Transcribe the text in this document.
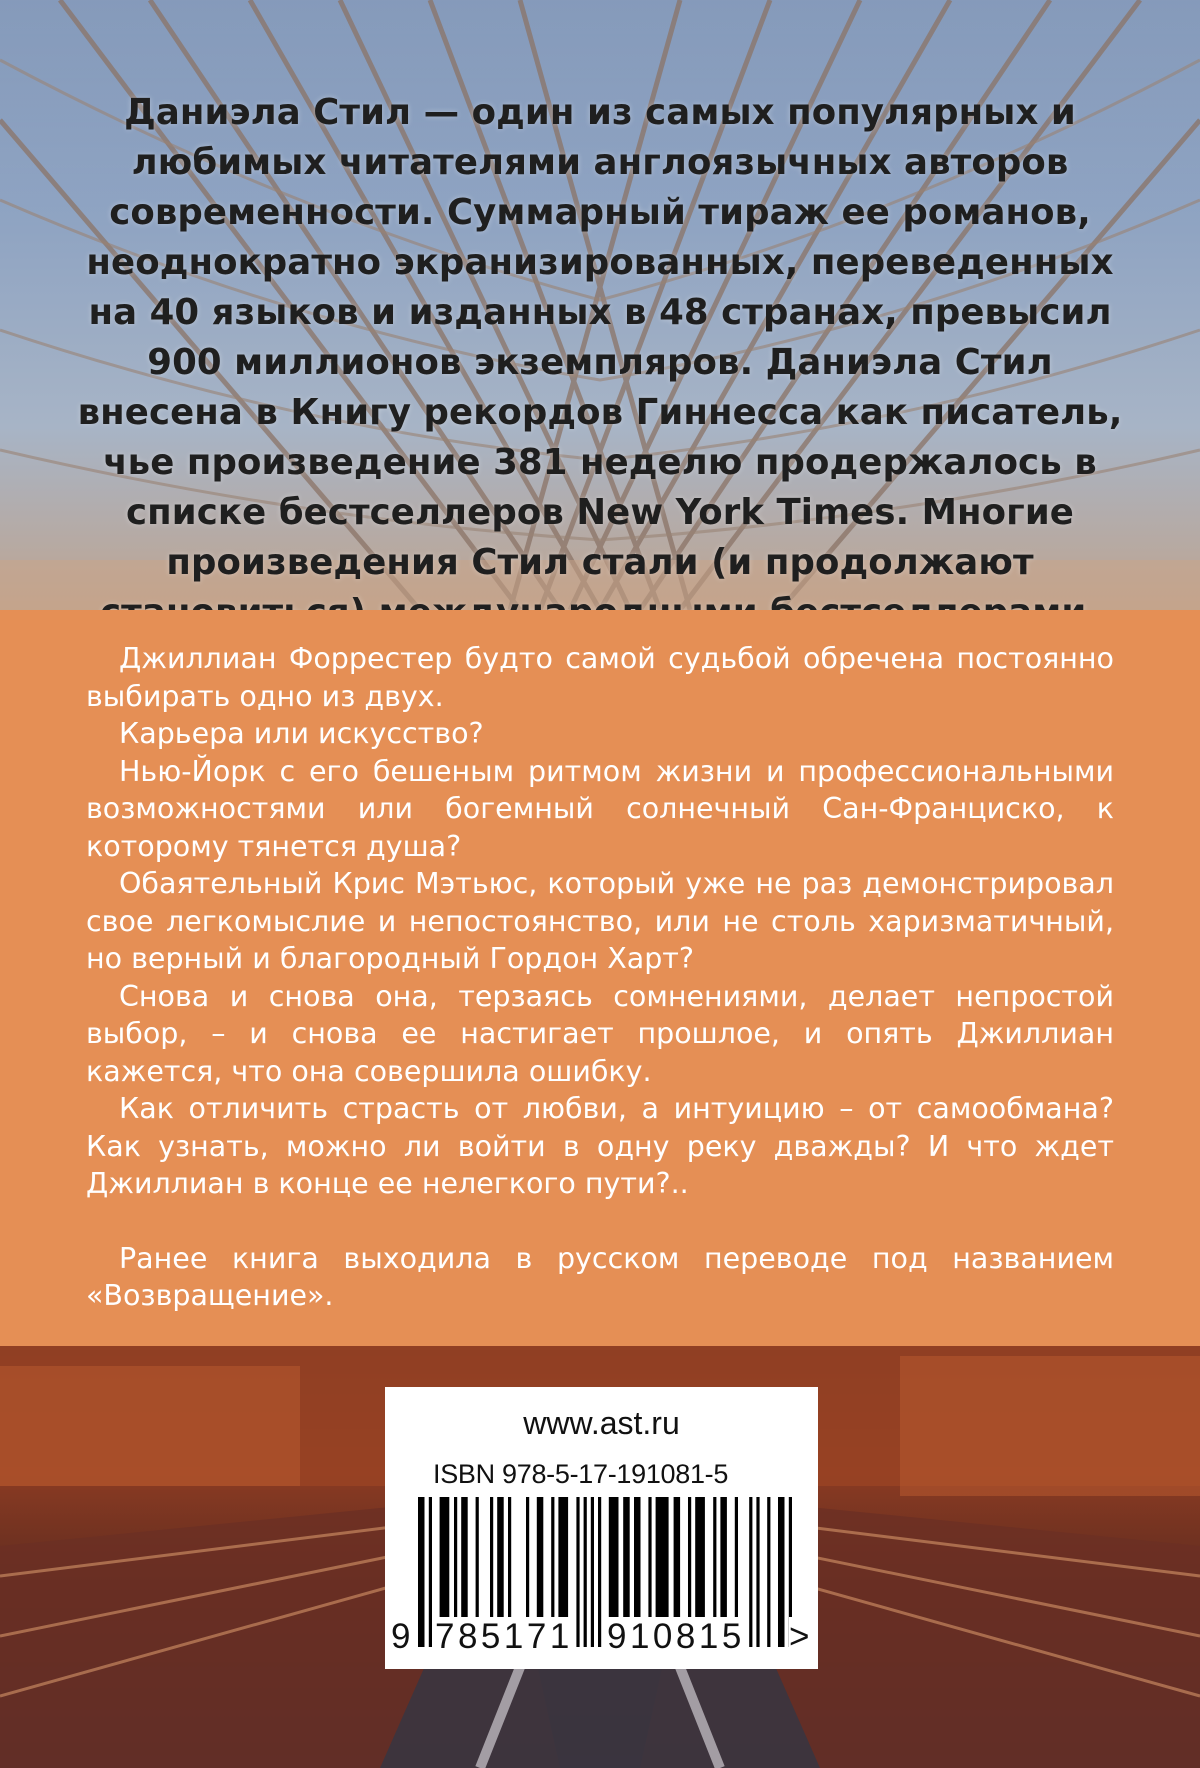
Даниэла Стил — один из самых популярных и любимых читателями англоязычных авторов современности. Суммарный тираж ее романов, неоднократно экранизированных, переведенных на 40 языков и изданных в 48 странах, превысил 900 миллионов экземпляров. Даниэла Стил внесена в Книгу рекордов Гиннесса как писатель, чье произведение 381 неделю продержалось в списке бестселлеров New York Times. Многие произведения Стил стали (и продолжают

Джиллиан Форрестер будто самой судьбой обречена постоянно выбирать одно из двух.

Карьера или искусство?

Нью-Йорк с его бешеным ритмом жизни и профессиональными возможностями или богемный солнечный Сан-Франциско, к которому тянется душа?

Обаятельный Крис Мэтьюс, который уже не раз демонстрировал свое легкомыслие и непостоянство, или не столь харизматичный, но верный и благородный Гордон Харт?

Снова и снова она, терзаясь сомнениями, делает непростой выбор, – и снова ее настигает прошлое, и опять Джиллиан кажется, что она совершила ошибку.

Как отличить страсть от любви, а интуицию – от самообмана? Как узнать, можно ли войти в одну реку дважды? И что ждет Джиллиан в конце ее нелегкого пути?..

Ранее книга выходила в русском переводе под названием «Возвращение».

www.ast.ru
ISBN 978-5-17-191081-5
9 785171 910815 >
